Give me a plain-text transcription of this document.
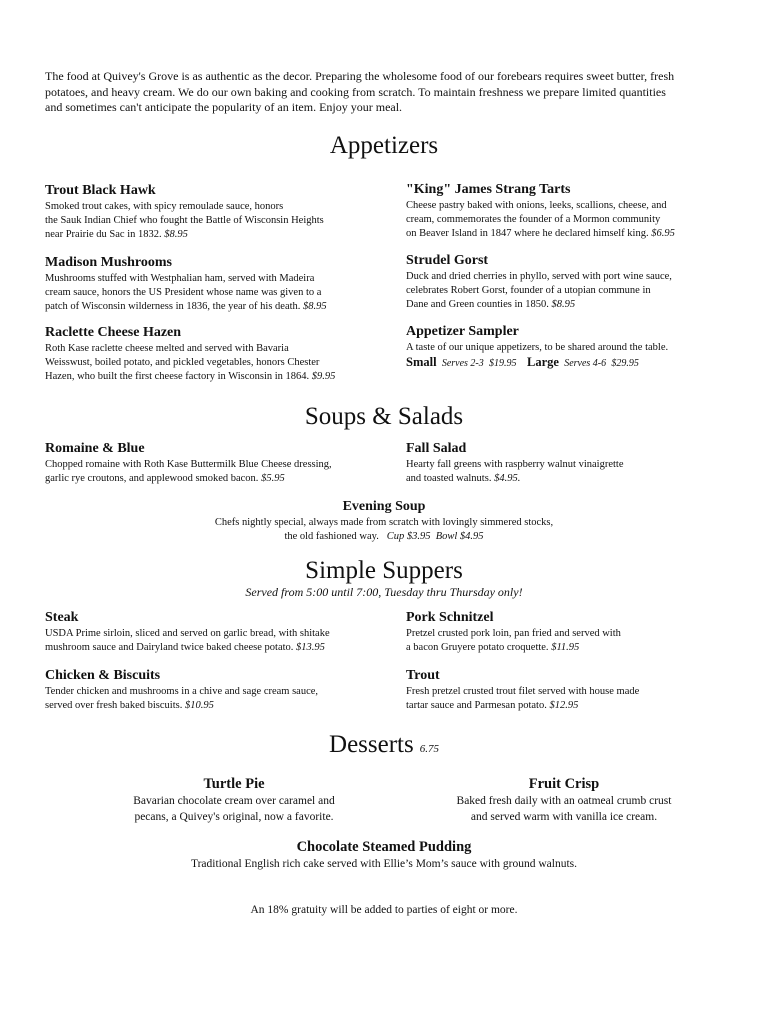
The food at Quivey's Grove is as authentic as the decor. Preparing the wholesome food of our forebears requires sweet butter, fresh
potatoes, and heavy cream. We do our own baking and cooking from scratch. To maintain freshness we prepare limited quantities
and sometimes can't anticipate the popularity of an item. Enjoy your meal.
Appetizers
Trout Black Hawk
Smoked trout cakes, with spicy remoulade sauce, honors
the Sauk Indian Chief who fought the Battle of Wisconsin Heights
near Prairie du Sac in 1832. $8.95
"King" James Strang Tarts
Cheese pastry baked with onions, leeks, scallions, cheese, and
cream, commemorates the founder of a Mormon community
on Beaver Island in 1847 where he declared himself king. $6.95
Madison Mushrooms
Mushrooms stuffed with Westphalian ham, served with Madeira
cream sauce, honors the US President whose name was given to a
patch of Wisconsin wilderness in 1836, the year of his death. $8.95
Strudel Gorst
Duck and dried cherries in phyllo, served with port wine sauce,
celebrates Robert Gorst, founder of a utopian commune in
Dane and Green counties in 1850. $8.95
Raclette Cheese Hazen
Roth Kase raclette cheese melted and served with Bavaria
Weisswust, boiled potato, and pickled vegetables, honors Chester
Hazen, who built the first cheese factory in Wisconsin in 1864. $9.95
Appetizer Sampler
A taste of our unique appetizers, to be shared around the table.
Small Serves 2-3 $19.95 Large Serves 4-6 $29.95
Soups & Salads
Romaine & Blue
Chopped romaine with Roth Kase Buttermilk Blue Cheese dressing,
garlic rye croutons, and applewood smoked bacon. $5.95
Fall Salad
Hearty fall greens with raspberry walnut vinaigrette
and toasted walnuts. $4.95.
Evening Soup
Chefs nightly special, always made from scratch with lovingly simmered stocks,
the old fashioned way. Cup $3.95 Bowl $4.95
Simple Suppers
Served from 5:00 until 7:00, Tuesday thru Thursday only!
Steak
USDA Prime sirloin, sliced and served on garlic bread, with shitake
mushroom sauce and Dairyland twice baked cheese potato. $13.95
Pork Schnitzel
Pretzel crusted pork loin, pan fried and served with
a bacon Gruyere potato croquette. $11.95
Chicken & Biscuits
Tender chicken and mushrooms in a chive and sage cream sauce,
served over fresh baked biscuits. $10.95
Trout
Fresh pretzel crusted trout filet served with house made
tartar sauce and Parmesan potato. $12.95
Desserts 6.75
Turtle Pie
Bavarian chocolate cream over caramel and
pecans, a Quivey's original, now a favorite.
Fruit Crisp
Baked fresh daily with an oatmeal crumb crust
and served warm with vanilla ice cream.
Chocolate Steamed Pudding
Traditional English rich cake served with Ellie’s Mom’s sauce with ground walnuts.
An 18% gratuity will be added to parties of eight or more.
